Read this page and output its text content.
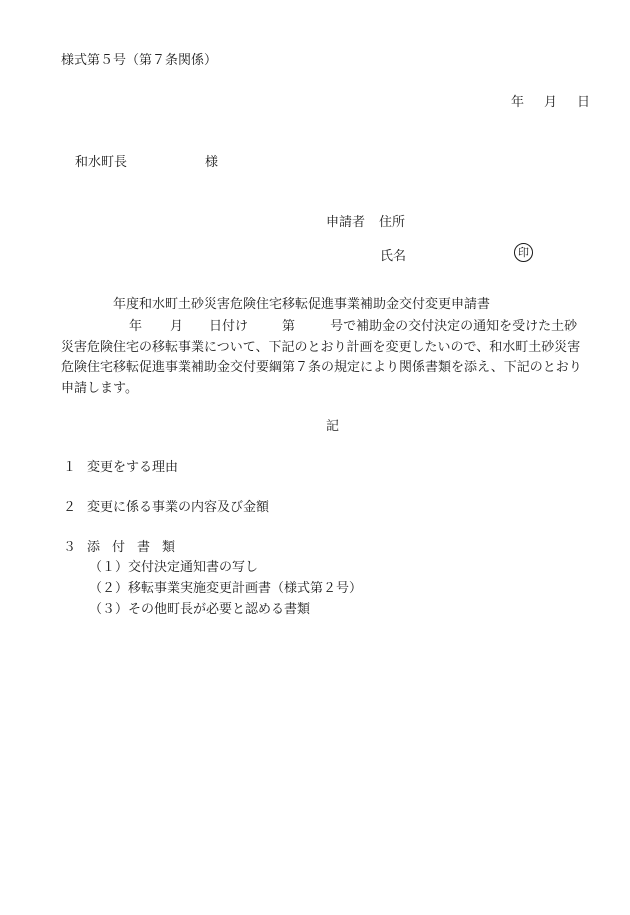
様式第５号（第７条関係）
年 月 日
和水町長	様
申請者 住所
氏名	印
年度和水町土砂災害危険住宅移転促進事業補助金交付変更申請書
年 月 日付け	第	号で補助金の交付決定の通知を受けた土砂
災害危険住宅の移転事業について、下記のとおり計画を変更したいので、和水町土砂災害
危険住宅移転促進事業補助金交付要綱第７条の規定により関係書類を添え、下記のとおり
申請します。
記
１ 変更をする理由
２ 変更に係る事業の内容及び金額
３ 添付書類
（１）交付決定通知書の写し
（２）移転事業実施変更計画書（様式第２号）
（３）その他町長が必要と認める書類
